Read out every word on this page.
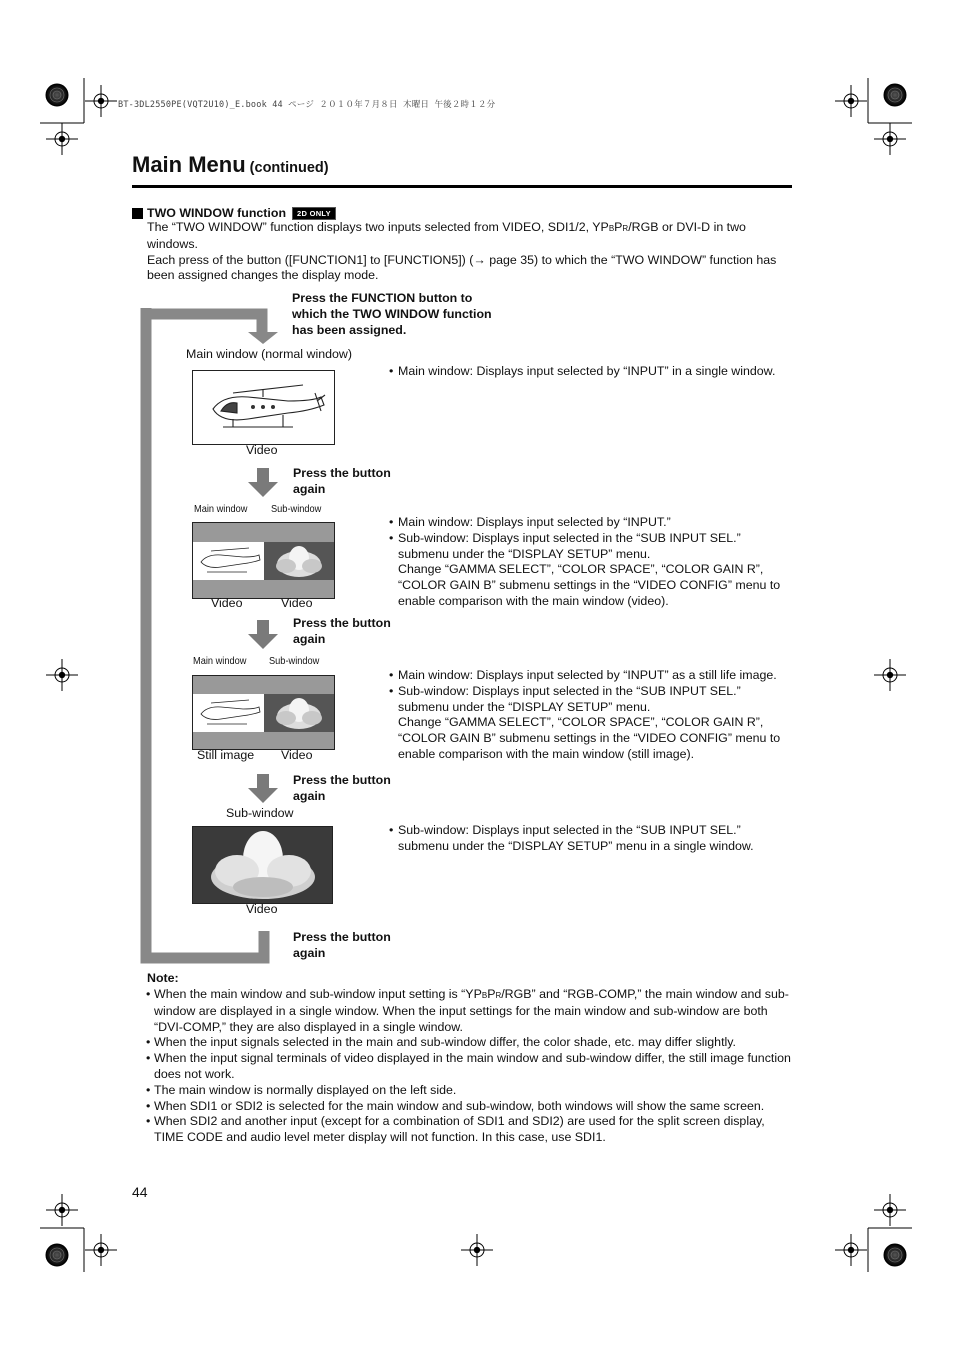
BT-3DL2550PE(VQT2U10)_E.book 44 ページ ２０１０年７月８日 木曜日 午後２時１２分
Main Menu (continued)
TWO WINDOW function	2D ONLY
The “TWO WINDOW” function displays two inputs selected from VIDEO, SDI1/2, YPBPR/RGB or DVI-D in two windows.
Each press of the button ([FUNCTION1] to [FUNCTION5]) (→ page 35) to which the “TWO WINDOW” function has been assigned changes the display mode.
Press the FUNCTION button to which the TWO WINDOW function has been assigned.
Main window (normal window)
Video
• Main window: Displays input selected by “INPUT” in a single window.
Press the button again
Main window Sub-window
Video	Video
• Main window: Displays input selected by “INPUT.”
• Sub-window: Displays input selected in the “SUB INPUT SEL.” submenu under the “DISPLAY SETUP” menu.
Change “GAMMA SELECT”, “COLOR SPACE”, “COLOR GAIN R”, “COLOR GAIN B” submenu settings in the “VIDEO CONFIG” menu to enable comparison with the main window (video).
Press the button again
Main window Sub-window
Still image Video
• Main window: Displays input selected by “INPUT” as a still life image.
• Sub-window: Displays input selected in the “SUB INPUT SEL.” submenu under the “DISPLAY SETUP” menu.
Change “GAMMA SELECT”, “COLOR SPACE”, “COLOR GAIN R”, “COLOR GAIN B” submenu settings in the “VIDEO CONFIG” menu to enable comparison with the main window (still image).
Press the button again
Sub-window
Video
• Sub-window: Displays input selected in the “SUB INPUT SEL.” submenu under the “DISPLAY SETUP” menu in a single window.
Press the button again
Note:
• When the main window and sub-window input setting is “YPBPR/RGB” and “RGB-COMP,” the main window and sub-window are displayed in a single window. When the input settings for the main window and sub-window are both “DVI-COMP,” they are also displayed in a single window.
• When the input signals selected in the main and sub-window differ, the color shade, etc. may differ slightly.
• When the input signal terminals of video displayed in the main window and sub-window differ, the still image function does not work.
• The main window is normally displayed on the left side.
• When SDI1 or SDI2 is selected for the main window and sub-window, both windows will show the same screen.
• When SDI2 and another input (except for a combination of SDI1 and SDI2) are used for the split screen display, TIME CODE and audio level meter display will not function. In this case, use SDI1.
44
